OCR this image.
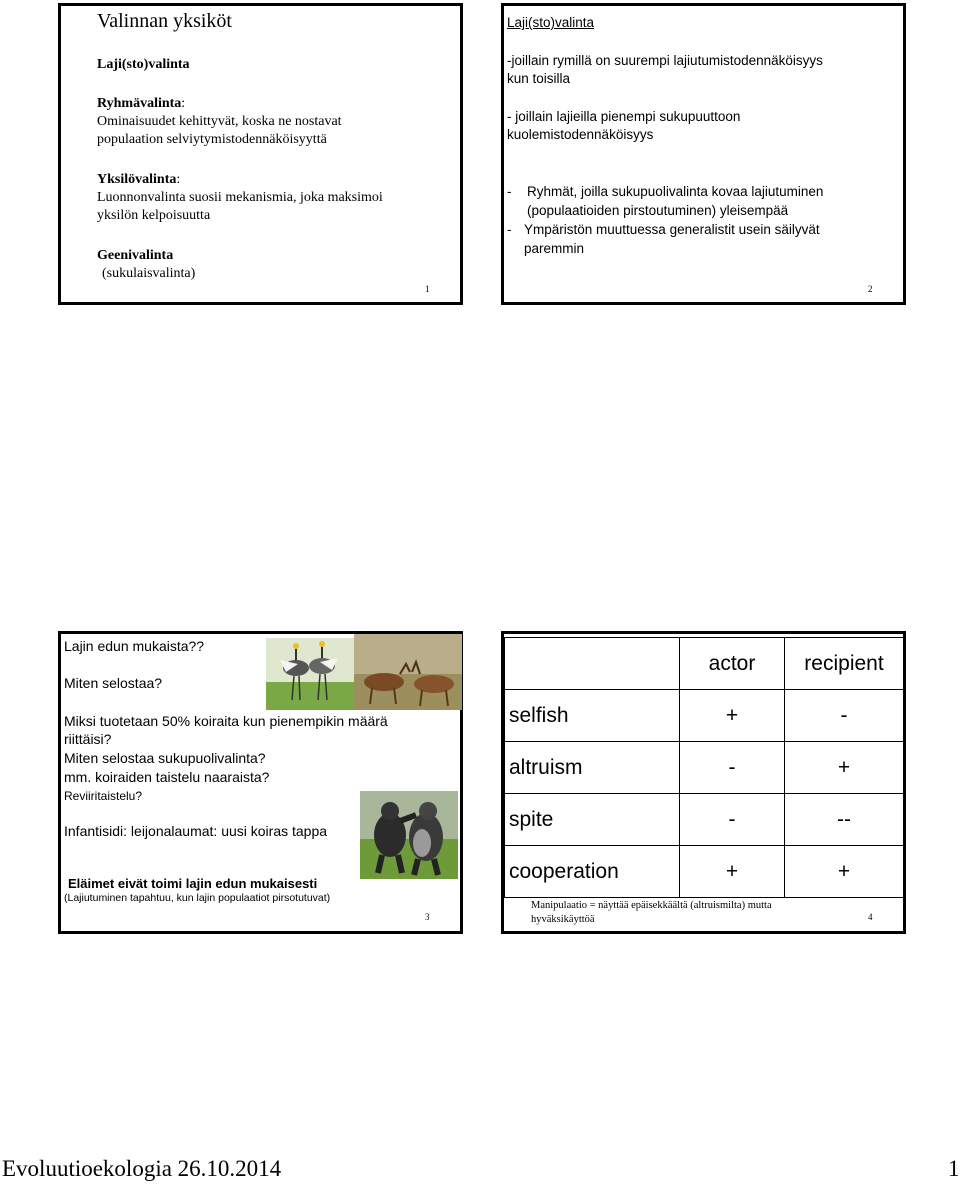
Valinnan yksiköt
Laji(sto)valinta
Ryhmävalinta:
Ominaisuudet kehittyvät, koska ne nostavat
populaation selviytymistodennäköisyyttä
Yksilövalinta:
Luonnonvalinta suosii mekanismia, joka maksimoi
yksilön kelpoisuutta
Geenivalinta
(sukulaisvalinta)
1
Laji(sto)valinta
-joillain rymillä on suurempi lajiutumistodennäköisyys
kun toisilla
- joillain lajieilla pienempi sukupuuttoon
kuolemistodennäköisyys
- Ryhmät, joilla sukupuolivalinta kovaa lajiutuminen
(populaatioiden pirstoutuminen) yleisempää
- Ympäristön muuttuessa generalistit usein säilyvät
paremmin
2
Lajin edun mukaista??
Miten selostaa?
Miksi tuotetaan 50% koiraita kun pienempikin määrä
riittäisi?
Miten selostaa sukupuolivalinta?
mm. koiraiden taistelu naaraista?
Reviiritaistelu?
Infantisidi: leijonalaumat: uusi koiras tappa
Eläimet eivät toimi lajin edun mukaisesti
(Lajiutuminen tapahtuu, kun lajin populaatiot pirsotutuvat)
3
	actor	recipient
selfish	+	-
altruism	-	+
spite	-	--
cooperation	+	+
Manipulaatio = näyttää epäisekkäältä (altruismilta) mutta
hyväksikäyttöä	4
Evoluutioekologia 26.10.2014	1
